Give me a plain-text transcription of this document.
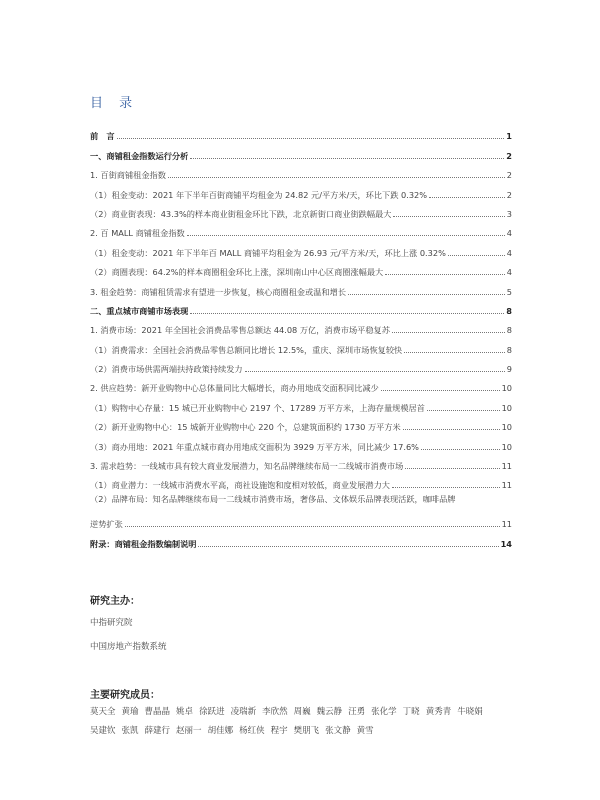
目 录
前　言	1
一、商铺租金指数运行分析	2
1. 百街商铺租金指数	2
（1）租金变动：2021 年下半年百街商铺平均租金为 24.82 元/平方米/天，环比下跌 0.32%	2
（2）商业街表现：43.3%的样本商业街租金环比下跌，北京新街口商业街跌幅最大	3
2. 百 MALL 商铺租金指数	4
（1）租金变动：2021 年下半年百 MALL 商铺平均租金为 26.93 元/平方米/天，环比上涨 0.32%	4
（2）商圈表现：64.2%的样本商圈租金环比上涨，深圳南山中心区商圈涨幅最大	4
3. 租金趋势：商铺租赁需求有望进一步恢复，核心商圈租金或温和增长	5
二、重点城市商铺市场表现	8
1. 消费市场：2021 年全国社会消费品零售总额达 44.08 万亿，消费市场平稳复苏	8
（1）消费需求：全国社会消费品零售总额同比增长 12.5%，重庆、深圳市场恢复较快	8
（2）消费市场供需两端扶持政策持续发力	9
2. 供应趋势：新开业购物中心总体量同比大幅增长，商办用地成交面积同比减少	10
（1）购物中心存量：15 城已开业购物中心 2197 个、17289 万平方米，上海存量规模居首	10
（2）新开业购物中心：15 城新开业购物中心 220 个，总建筑面积约 1730 万平方米	10
（3）商办用地：2021 年重点城市商办用地成交面积为 3929 万平方米，同比减少 17.6%	10
3. 需求趋势：一线城市具有较大商业发展潜力，知名品牌继续布局一二线城市消费市场	11
（1）商业潜力：一线城市消费水平高，商社设施饱和度相对较低，商业发展潜力大	11
（2）品牌布局：知名品牌继续布局一二线城市消费市场，奢侈品、文体娱乐品牌表现活跃，咖啡品牌
逆势扩张	11
附录：商铺租金指数编制说明	14
研究主办：
中指研究院
中国房地产指数系统
主要研究成员：
莫天全 黄瑜 曹晶晶 姚卓 徐跃进 凌瑞新 李欣然 周巍 魏云静 汪勇 张化学 丁晓 黄秀青 牛晓娟吴建钦 张凯 薛建行 赵丽一 胡佳娜 杨红侠 程宇 樊朋飞 张文静 黄雪
